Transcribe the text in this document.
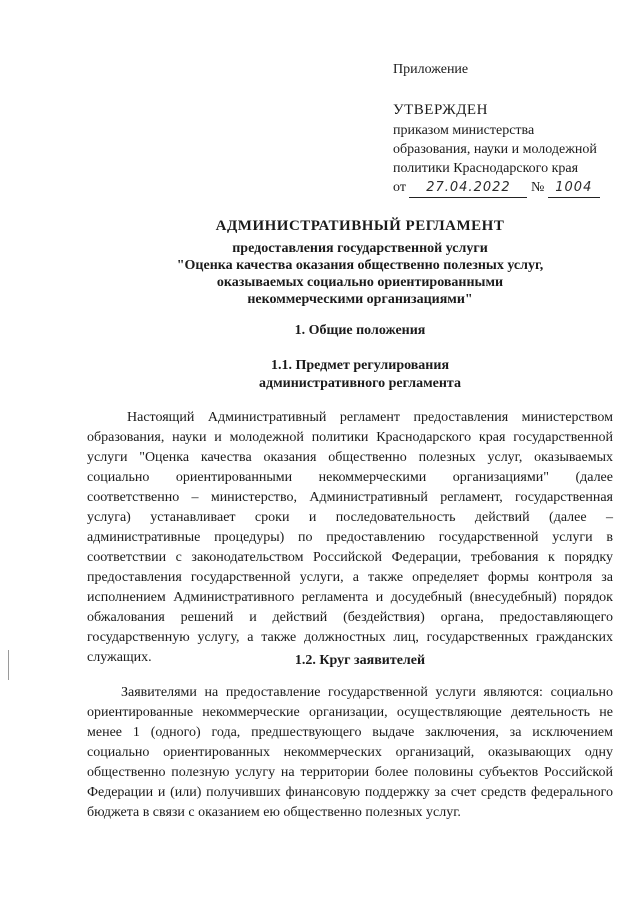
Приложение

УТВЕРЖДЕН

приказом министерства

образования, науки и молодежной

политики Краснодарского края

от 27.04.2022 № 1004

АДМИНИСТРАТИВНЫЙ РЕГЛАМЕНТ
предоставления государственной услуги
"Оценка качества оказания общественно полезных услуг,
оказываемых социально ориентированными
некоммерческими организациями"
1. Общие положения
1.1. Предмет регулирования
административного регламента

Настоящий Административный регламент предоставления министерством образования, науки и молодежной политики Краснодарского края государственной услуги "Оценка качества оказания общественно полезных услуг, оказываемых социально ориентированными некоммерческими организациями" (далее соответственно – министерство, Административный регламент, государственная услуга) устанавливает сроки и последовательность действий (далее – административные процедуры) по предоставлению государственной услуги в соответствии с законодательством Российской Федерации, требования к порядку предоставления государственной услуги, а также определяет формы контроля за исполнением Административного регламента и досудебный (внесудебный) порядок обжалования решений и действий (бездействия) органа, предоставляющего государственную услугу, а также должностных лиц, государственных гражданских служащих.	1.2. Круг заявителей

Заявителями на предоставление государственной услуги являются: социально ориентированные некоммерческие организации, осуществляющие деятельность не менее 1 (одного) года, предшествующего выдаче заключения, за исключением социально ориентированных некоммерческих организаций, оказывающих одну общественно полезную услугу на территории более половины субъектов Российской Федерации и (или) получивших финансовую поддержку за счет средств федерального бюджета в связи с оказанием ею общественно полезных услуг.
